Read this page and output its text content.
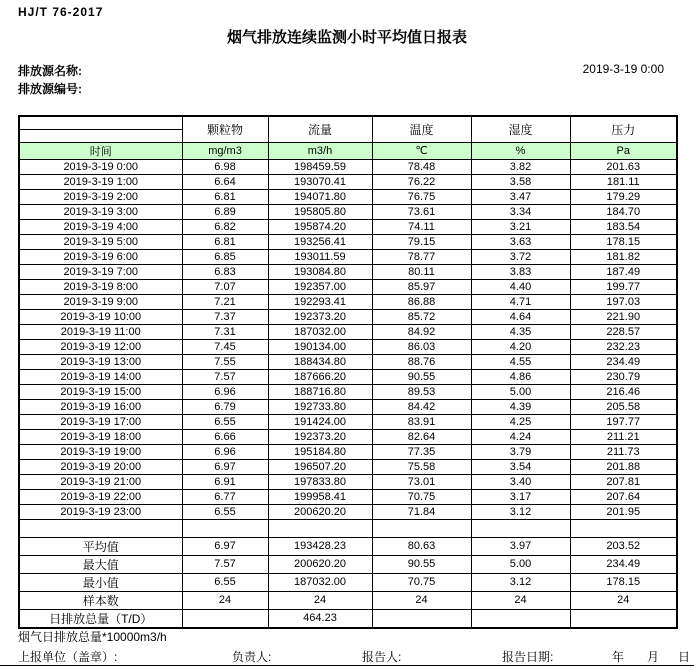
HJ/T 76-2017
烟气排放连续监测小时平均值日报表
排放源名称:
排放源编号:
2019-3-19 0:00
	颗粒物	流量	温度	湿度	压力

时间	mg/m3	m3/h	℃	%	Pa
2019-3-19 0:00	6.98	198459.59	78.48	3.82	201.63
2019-3-19 1:00	6.64	193070.41	76.22	3.58	181.11
2019-3-19 2:00	6.81	194071.80	76.75	3.47	179.29
2019-3-19 3:00	6.89	195805.80	73.61	3.34	184.70
2019-3-19 4:00	6.82	195874.20	74.11	3.21	183.54
2019-3-19 5:00	6.81	193256.41	79.15	3.63	178.15
2019-3-19 6:00	6.85	193011.59	78.77	3.72	181.82
2019-3-19 7:00	6.83	193084.80	80.11	3.83	187.49
2019-3-19 8:00	7.07	192357.00	85.97	4.40	199.77
2019-3-19 9:00	7.21	192293.41	86.88	4.71	197.03
2019-3-19 10:00	7.37	192373.20	85.72	4.64	221.90
2019-3-19 11:00	7.31	187032.00	84.92	4.35	228.57
2019-3-19 12:00	7.45	190134.00	86.03	4.20	232.23
2019-3-19 13:00	7.55	188434.80	88.76	4.55	234.49
2019-3-19 14:00	7.57	187666.20	90.55	4.86	230.79
2019-3-19 15:00	6.96	188716.80	89.53	5.00	216.46
2019-3-19 16:00	6.79	192733.80	84.42	4.39	205.58
2019-3-19 17:00	6.55	191424.00	83.91	4.25	197.77
2019-3-19 18:00	6.66	192373.20	82.64	4.24	211.21
2019-3-19 19:00	6.96	195184.80	77.35	3.79	211.73
2019-3-19 20:00	6.97	196507.20	75.58	3.54	201.88
2019-3-19 21:00	6.91	197833.80	73.01	3.40	207.81
2019-3-19 22:00	6.77	199958.41	70.75	3.17	207.64
2019-3-19 23:00	6.55	200620.20	71.84	3.12	201.95

平均值	6.97	193428.23	80.63	3.97	203.52
最大值	7.57	200620.20	90.55	5.00	234.49
最小值	6.55	187032.00	70.75	3.12	178.15
样本数	24	24	24	24	24
日排放总量（T/D）		464.23			
烟气日排放总量*10000m3/h
上报单位（盖章）:	负责人:	报告人:	报告日期:	年 月 日
